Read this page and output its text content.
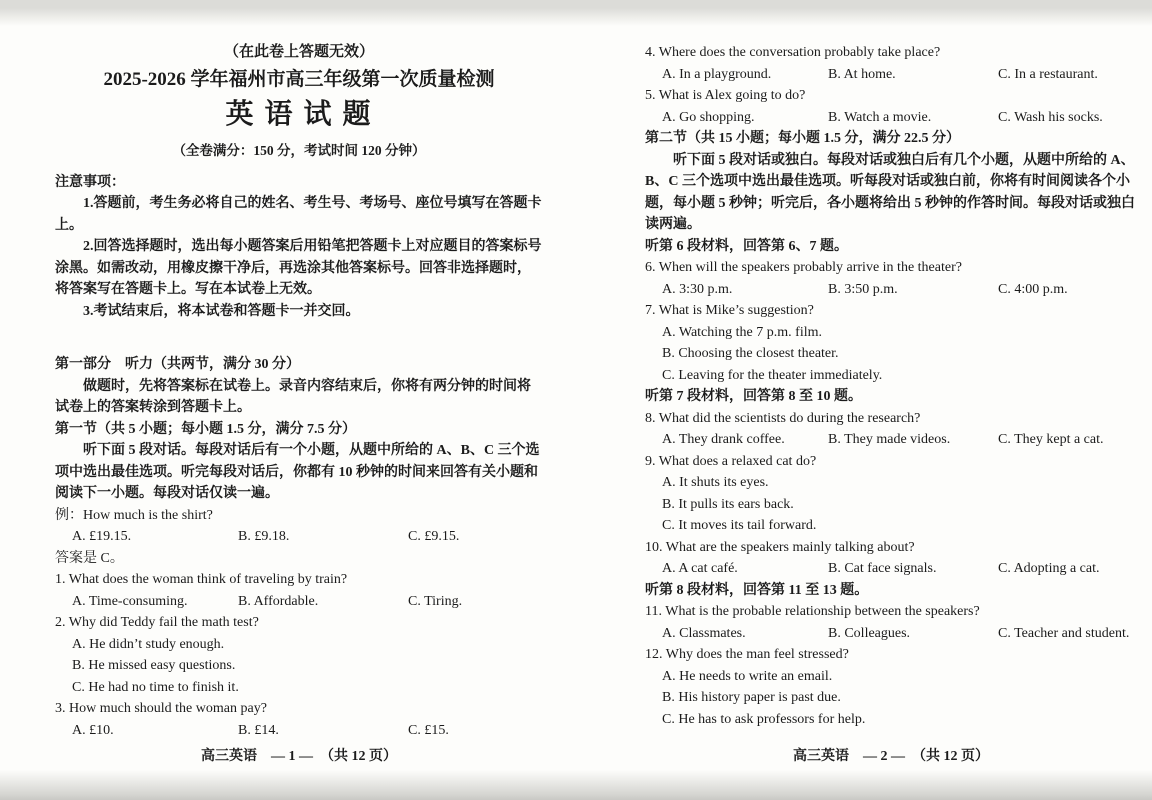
（在此卷上答题无效）
2025-2026 学年福州市高三年级第一次质量检测
英 语 试 题
（全卷满分：150 分，考试时间 120 分钟）
注意事项：
1.答题前，考生务必将自己的姓名、考生号、考场号、座位号填写在答题卡上。
2.回答选择题时，选出每小题答案后用铅笔把答题卡上对应题目的答案标号涂黑。如需改动，用橡皮擦干净后，再选涂其他答案标号。回答非选择题时，将答案写在答题卡上。写在本试卷上无效。
3.考试结束后，将本试卷和答题卡一并交回。
第一部分　听力（共两节，满分 30 分）
做题时，先将答案标在试卷上。录音内容结束后，你将有两分钟的时间将试卷上的答案转涂到答题卡上。
第一节（共 5 小题；每小题 1.5 分，满分 7.5 分）
听下面 5 段对话。每段对话后有一个小题，从题中所给的 A、B、C 三个选项中选出最佳选项。听完每段对话后，你都有 10 秒钟的时间来回答有关小题和阅读下一小题。每段对话仅读一遍。
例：How much is the shirt?
A. £19.15.	B. £9.18.	C. £9.15.
答案是 C。
1. What does the woman think of traveling by train?
A. Time-consuming.	B. Affordable.	C. Tiring.
2. Why did Teddy fail the math test?
A. He didn’t study enough.
B. He missed easy questions.
C. He had no time to finish it.
3. How much should the woman pay?
A. £10.	B. £14.	C. £15.
高三英语　— 1 —　（共 12 页）
4. Where does the conversation probably take place?
A. In a playground.	B. At home.	C. In a restaurant.
5. What is Alex going to do?
A. Go shopping.	B. Watch a movie.	C. Wash his socks.
第二节（共 15 小题；每小题 1.5 分，满分 22.5 分）
听下面 5 段对话或独白。每段对话或独白后有几个小题，从题中所给的 A、B、C 三个选项中选出最佳选项。听每段对话或独白前，你将有时间阅读各个小题，每小题 5 秒钟；听完后，各小题将给出 5 秒钟的作答时间。每段对话或独白读两遍。
听第 6 段材料，回答第 6、7 题。
6. When will the speakers probably arrive in the theater?
A. 3:30 p.m.	B. 3:50 p.m.	C. 4:00 p.m.
7. What is Mike’s suggestion?
A. Watching the 7 p.m. film.
B. Choosing the closest theater.
C. Leaving for the theater immediately.
听第 7 段材料，回答第 8 至 10 题。
8. What did the scientists do during the research?
A. They drank coffee.	B. They made videos.	C. They kept a cat.
9. What does a relaxed cat do?
A. It shuts its eyes.
B. It pulls its ears back.
C. It moves its tail forward.
10. What are the speakers mainly talking about?
A. A cat café.	B. Cat face signals.	C. Adopting a cat.
听第 8 段材料，回答第 11 至 13 题。
11. What is the probable relationship between the speakers?
A. Classmates.	B. Colleagues.	C. Teacher and student.
12. Why does the man feel stressed?
A. He needs to write an email.
B. His history paper is past due.
C. He has to ask professors for help.
高三英语　— 2 —　（共 12 页）
